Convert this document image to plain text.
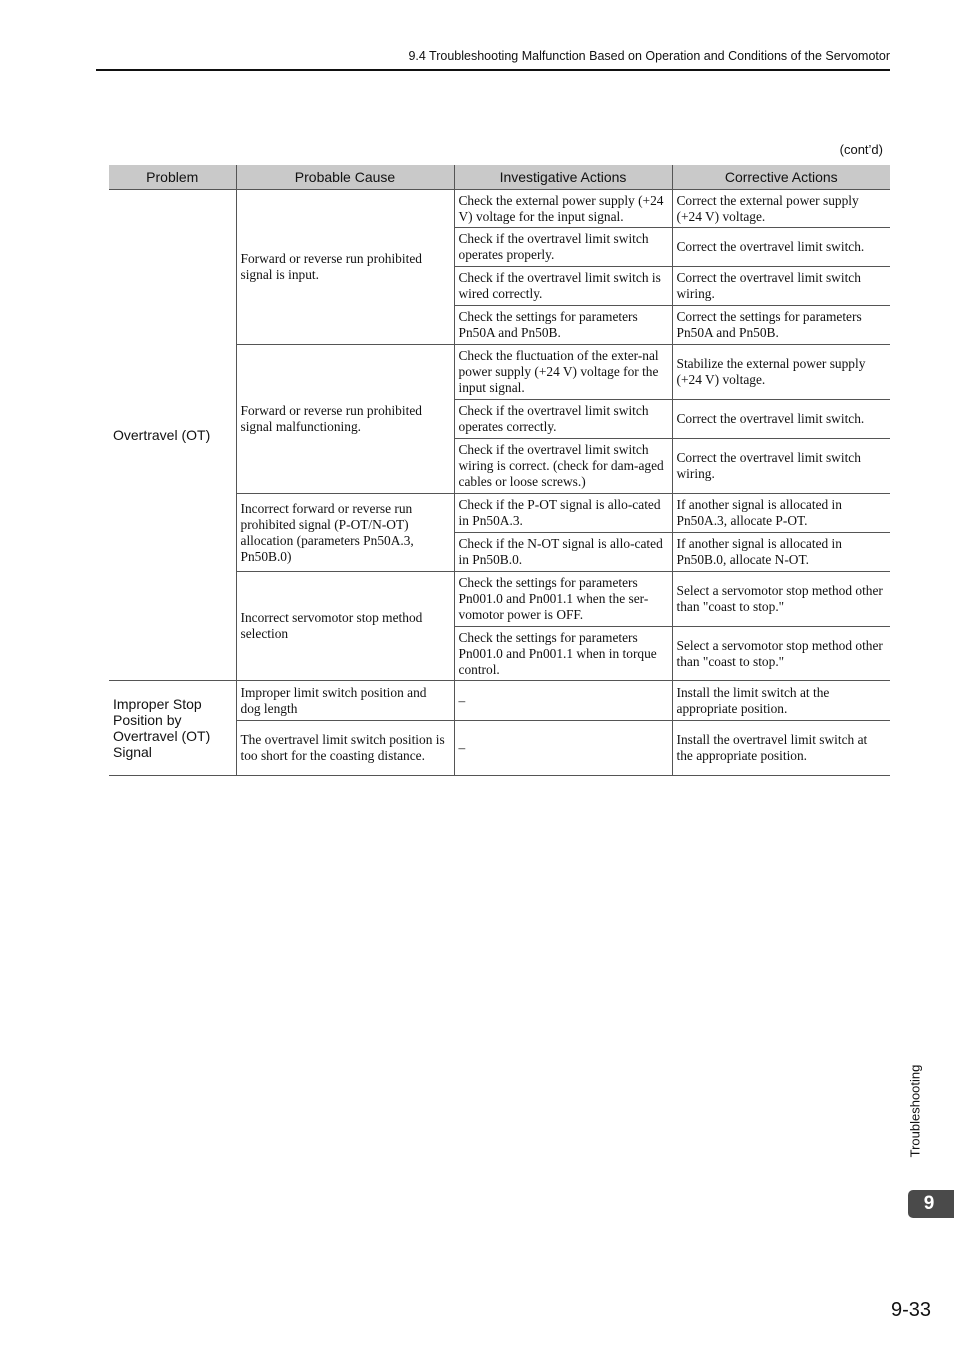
9.4 Troubleshooting Malfunction Based on Operation and Conditions of the Servomotor
(cont’d)
Problem	Probable Cause	Investigative Actions	Corrective Actions
Overtravel (OT)	Forward or reverse run prohibited signal is input.	Check the external power supply (+24 V) voltage for the input signal.	Correct the external power supply (+24 V) voltage.
		Check if the overtravel limit switch operates properly.	Correct the overtravel limit switch.
		Check if the overtravel limit switch is wired correctly.	Correct the overtravel limit switch wiring.
		Check the settings for parameters Pn50A and Pn50B.	Correct the settings for parameters Pn50A and Pn50B.
	Forward or reverse run prohibited signal malfunctioning.	Check the fluctuation of the exter-nal power supply (+24 V) voltage for the input signal.	Stabilize the external power supply (+24 V) voltage.
		Check if the overtravel limit switch operates correctly.	Correct the overtravel limit switch.
		Check if the overtravel limit switch wiring is correct. (check for dam-aged cables or loose screws.)	Correct the overtravel limit switch wiring.
	Incorrect forward or reverse run prohibited signal (P-OT/N-OT) allocation (parameters Pn50A.3, Pn50B.0)	Check if the P-OT signal is allo-cated in Pn50A.3.	If another signal is allocated in Pn50A.3, allocate P-OT.
		Check if the N-OT signal is allo-cated in Pn50B.0.	If another signal is allocated in Pn50B.0, allocate N-OT.
	Incorrect servomotor stop method selection	Check the settings for parameters Pn001.0 and Pn001.1 when the ser-vomotor power is OFF.	Select a servomotor stop method other than "coast to stop."
		Check the settings for parameters Pn001.0 and Pn001.1 when in torque control.	Select a servomotor stop method other than "coast to stop."
Improper Stop Position by Overtravel (OT) Signal	Improper limit switch position and dog length	–	Install the limit switch at the appropriate position.
	The overtravel limit switch position is too short for the coasting distance.	–	Install the overtravel limit switch at the appropriate position.
Troubleshooting
9
9-33
